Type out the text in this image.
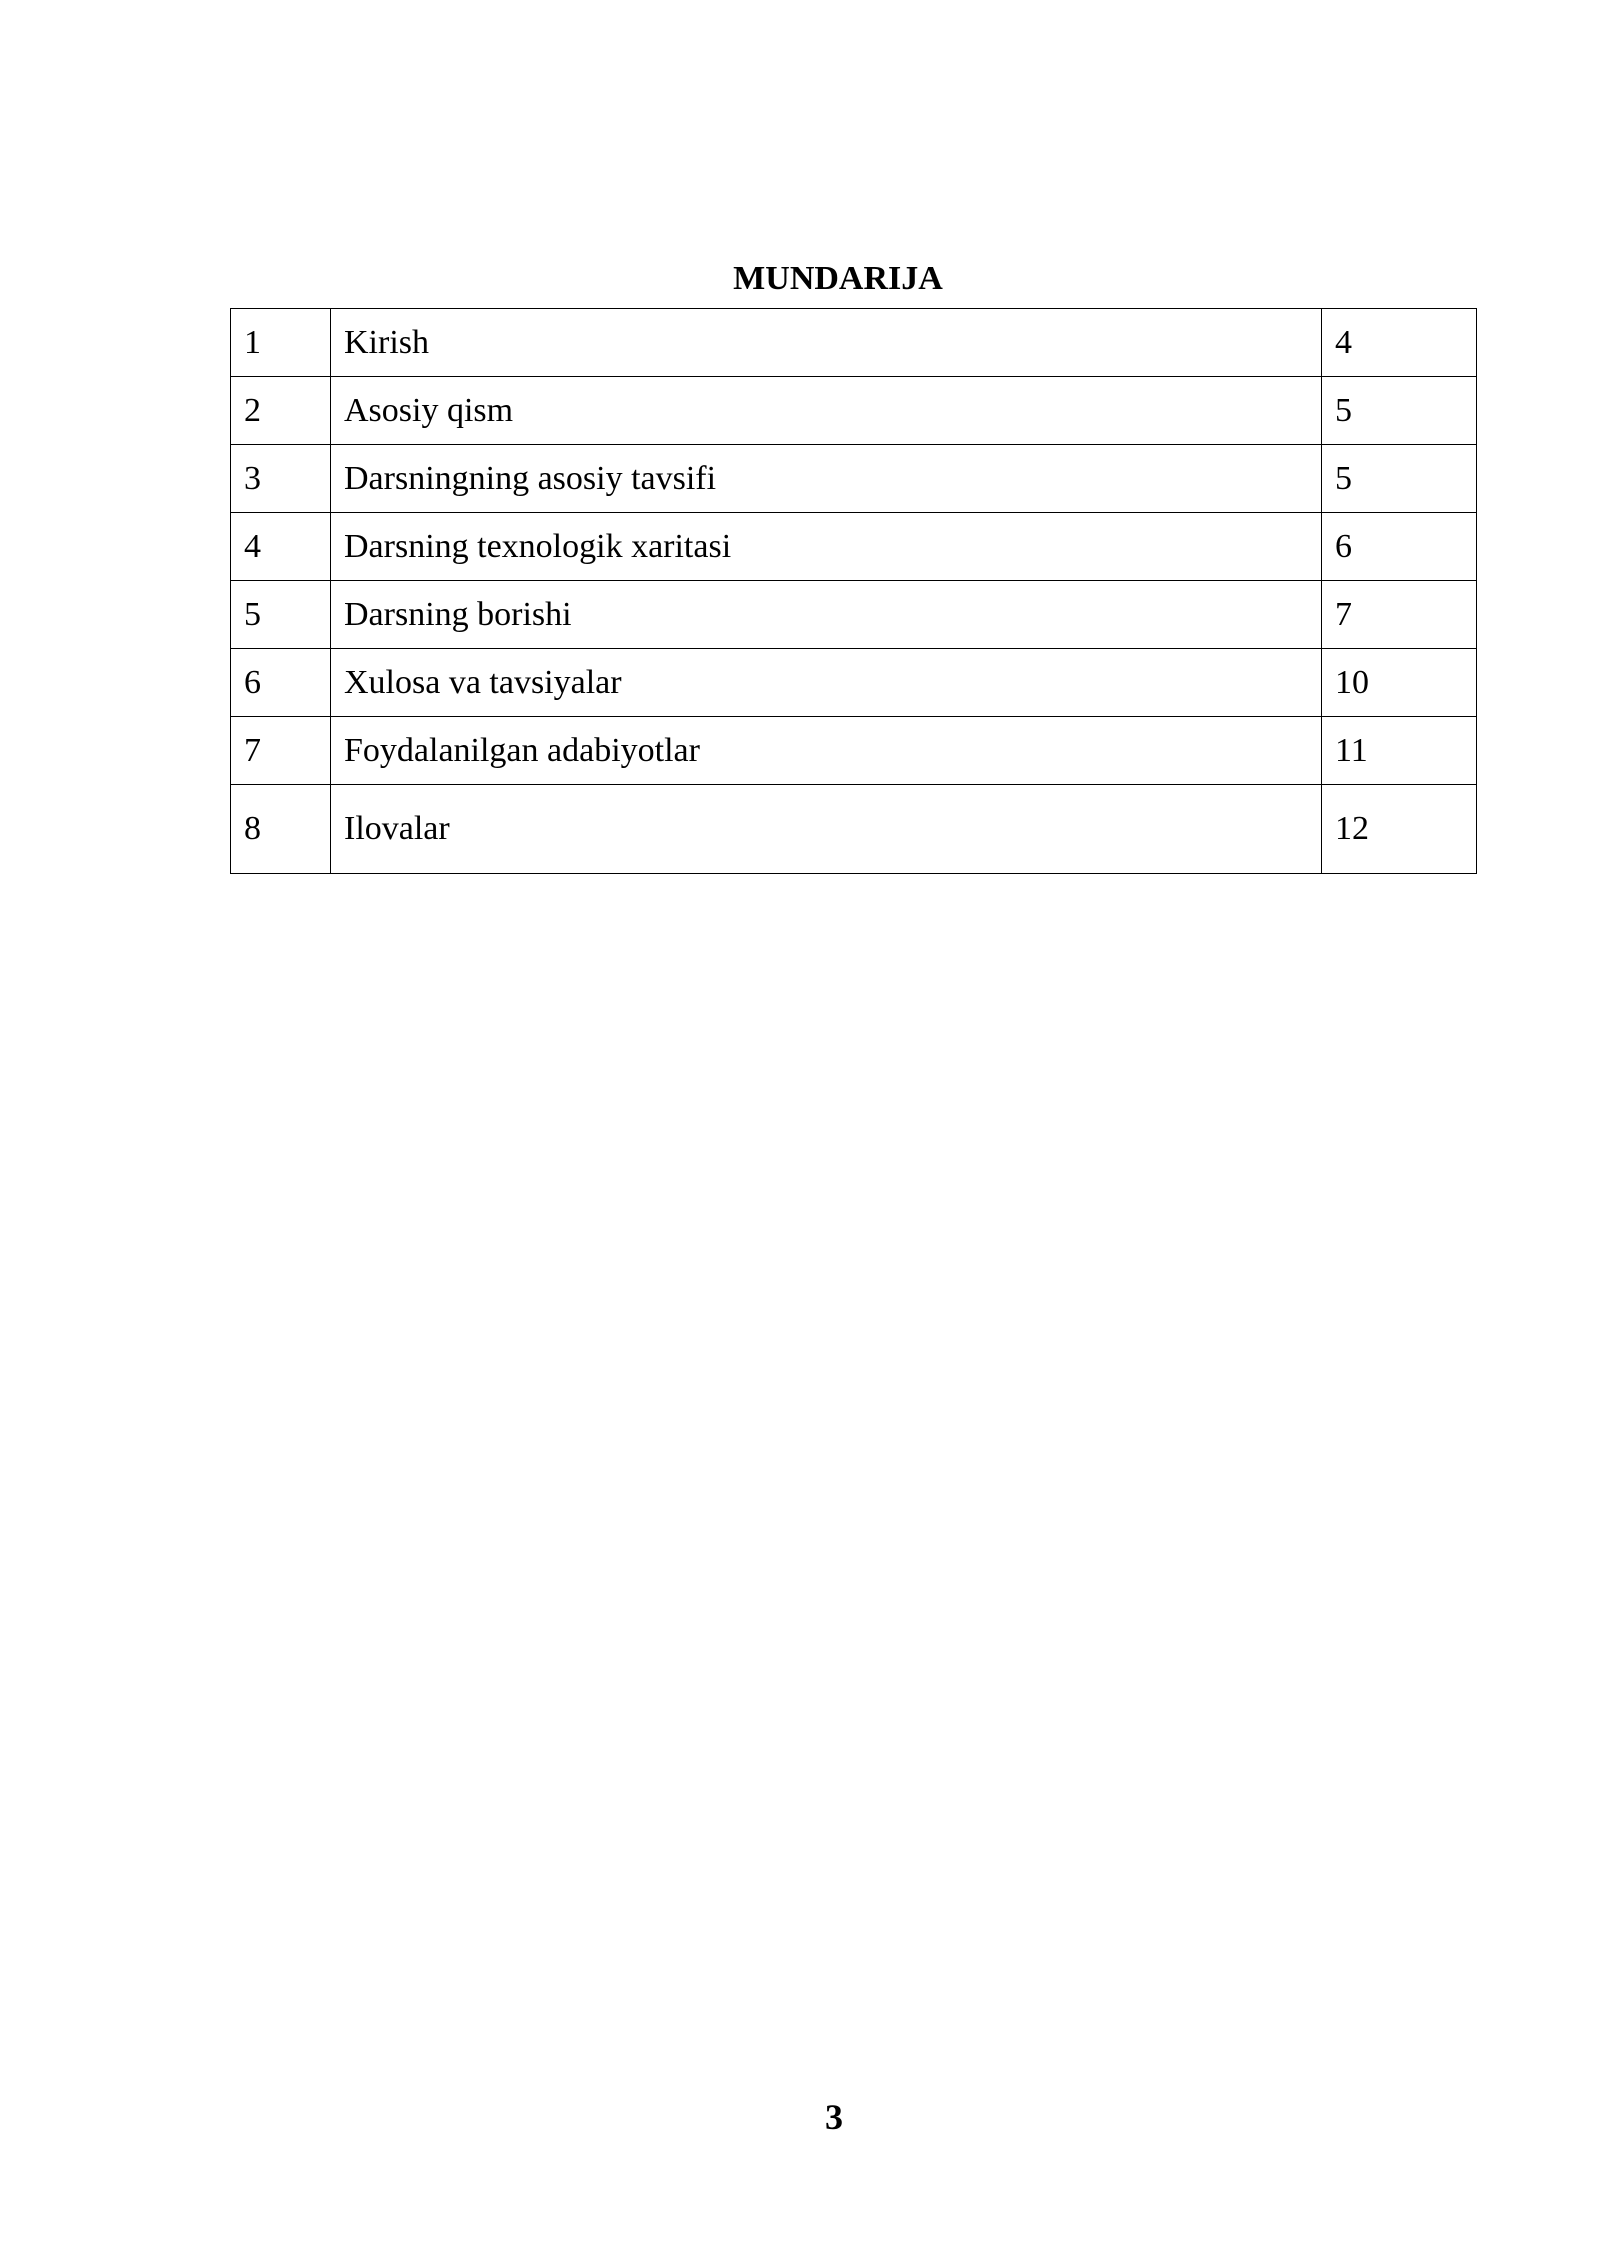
MUNDARIJA
1	Kirish	4
2	Asosiy qism	5
3	Darsningning asosiy tavsifi	5
4	Darsning texnologik xaritasi	6
5	Darsning borishi	7
6	Xulosa va tavsiyalar	10
7	Foydalanilgan adabiyotlar	11
8	Ilovalar	12
3
